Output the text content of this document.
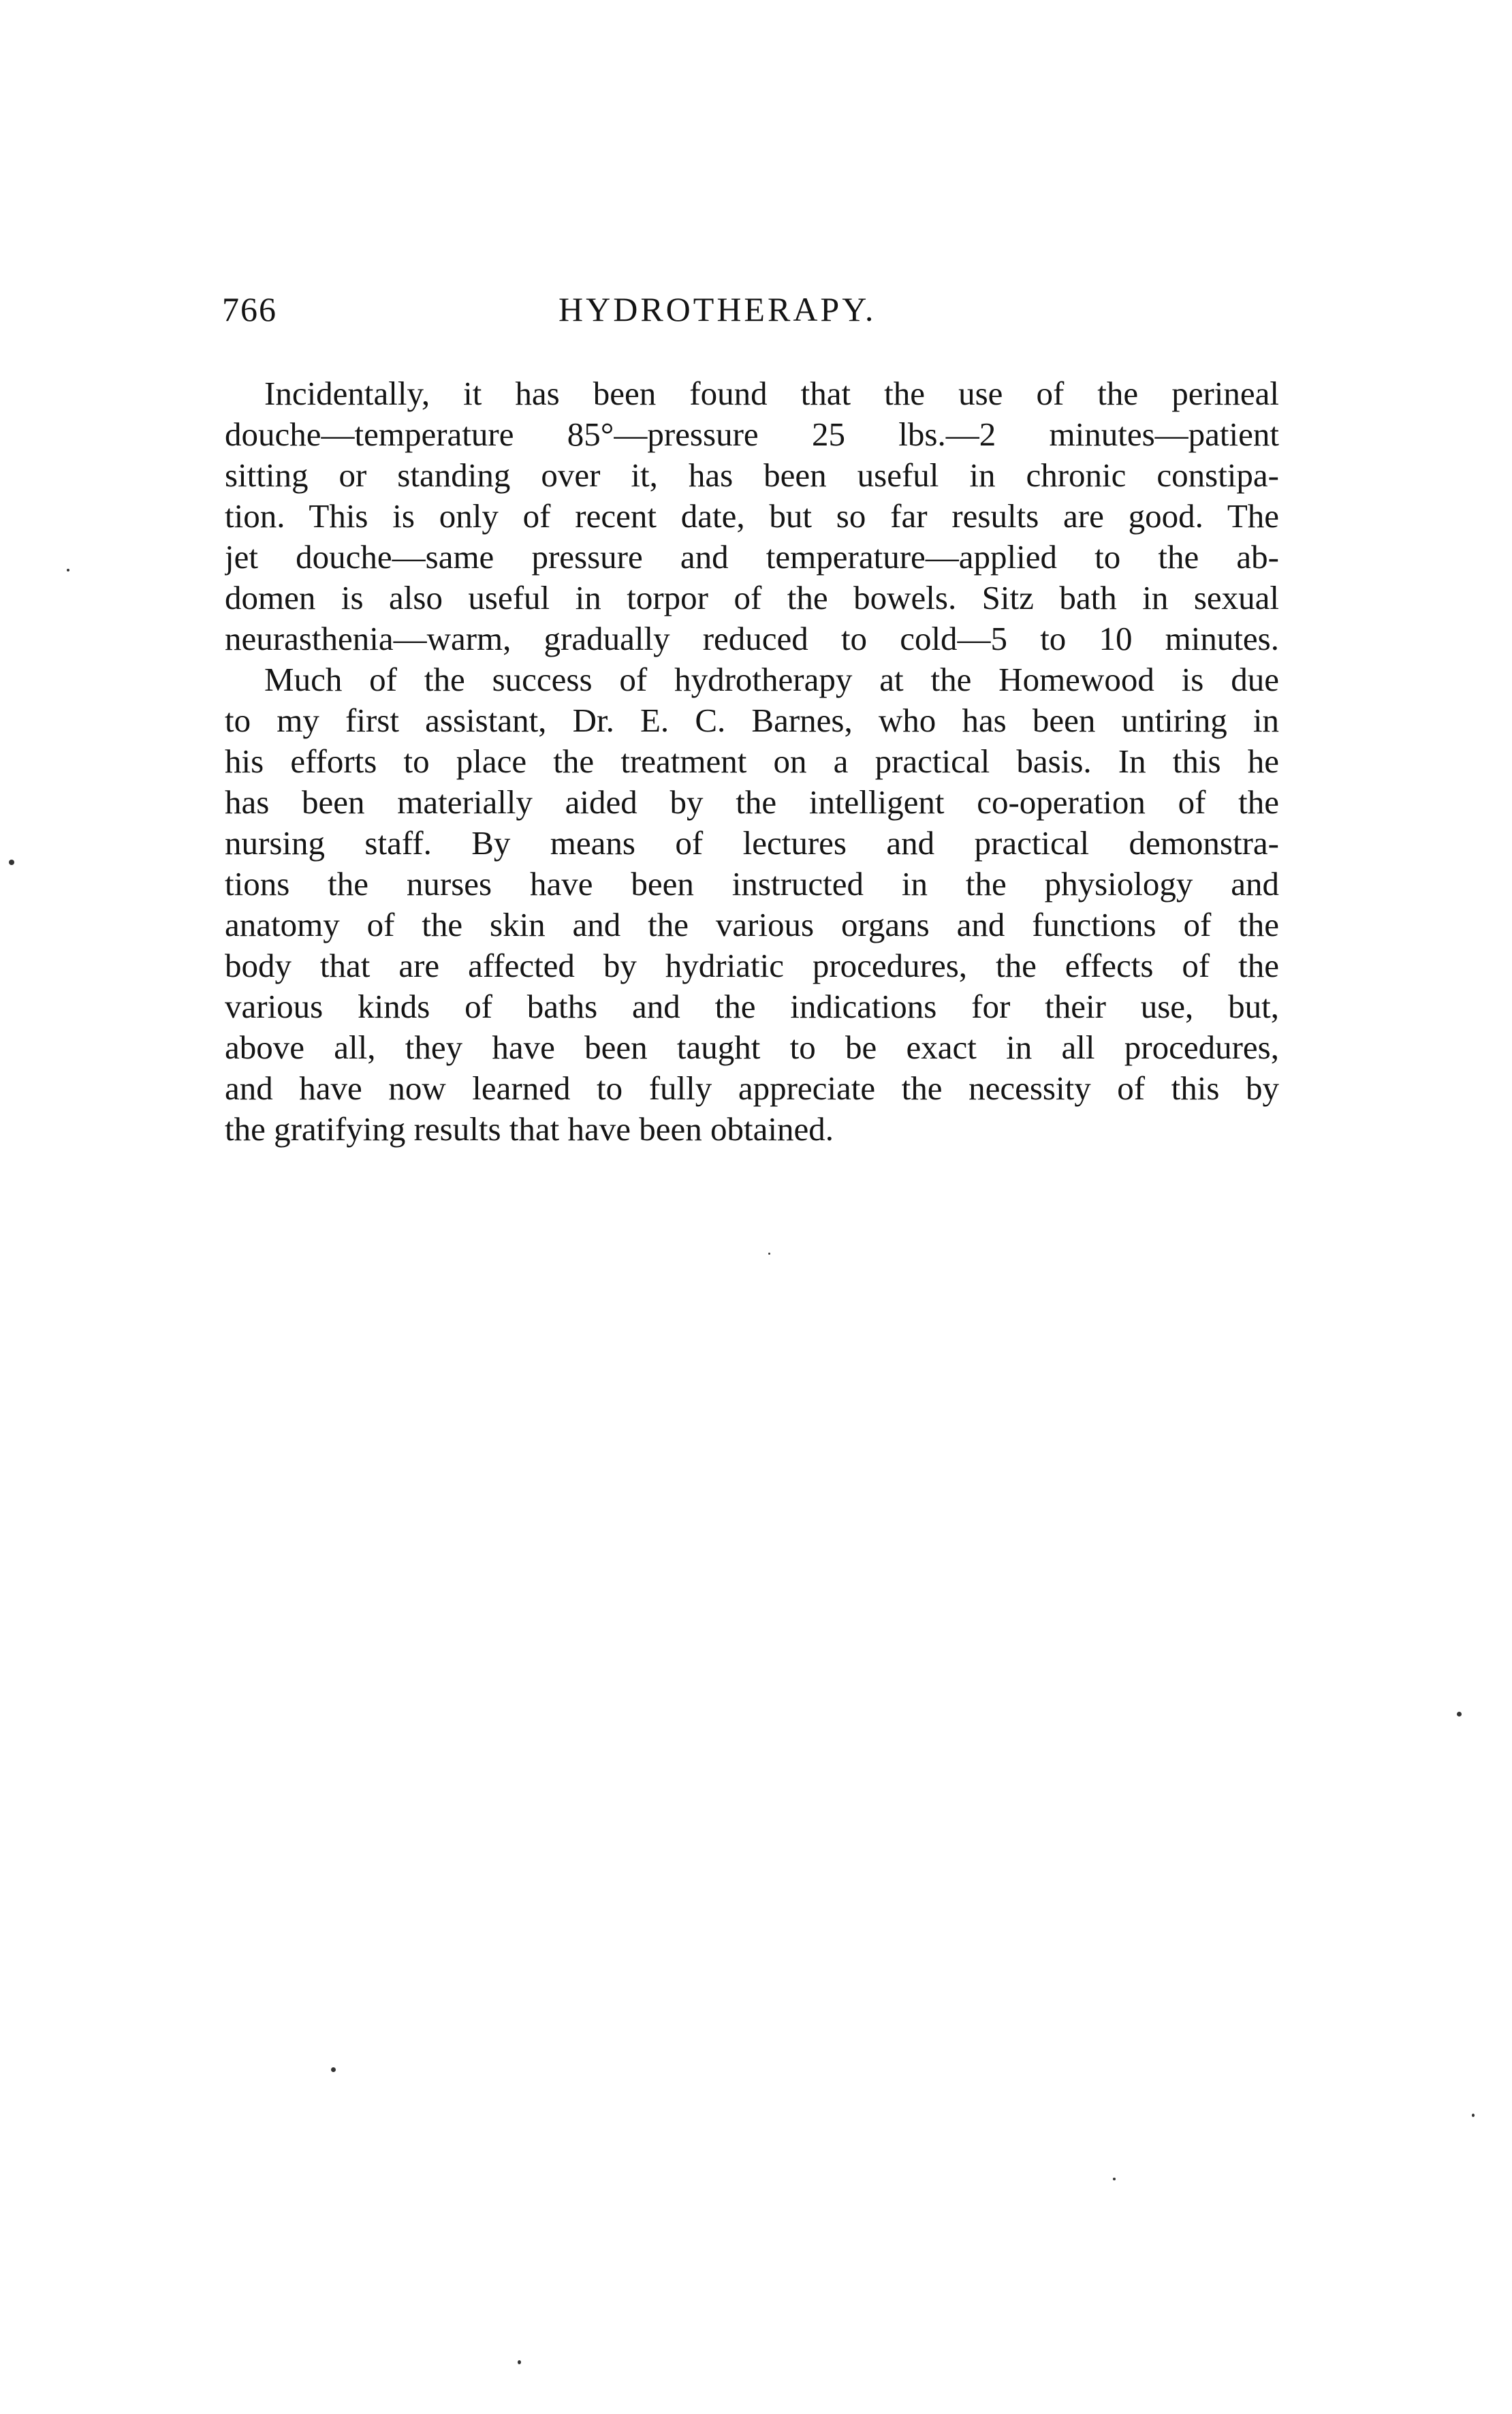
766	HYDROTHERAPY.
Incidentally, it has been found that the use of the perineal
douche—temperature 85°—pressure 25 lbs.—2 minutes—patient
sitting or standing over it, has been useful in chronic constipa-
tion. This is only of recent date, but so far results are good. The
jet douche—same pressure and temperature—applied to the ab-
domen is also useful in torpor of the bowels. Sitz bath in sexual
neurasthenia—warm, gradually reduced to cold—5 to 10 minutes.
Much of the success of hydrotherapy at the Homewood is due
to my first assistant, Dr. E. C. Barnes, who has been untiring in
his efforts to place the treatment on a practical basis. In this he
has been materially aided by the intelligent co-operation of the
nursing staff. By means of lectures and practical demonstra-
tions the nurses have been instructed in the physiology and
anatomy of the skin and the various organs and functions of the
body that are affected by hydriatic procedures, the effects of the
various kinds of baths and the indications for their use, but,
above all, they have been taught to be exact in all procedures,
and have now learned to fully appreciate the necessity of this by
the gratifying results that have been obtained.
